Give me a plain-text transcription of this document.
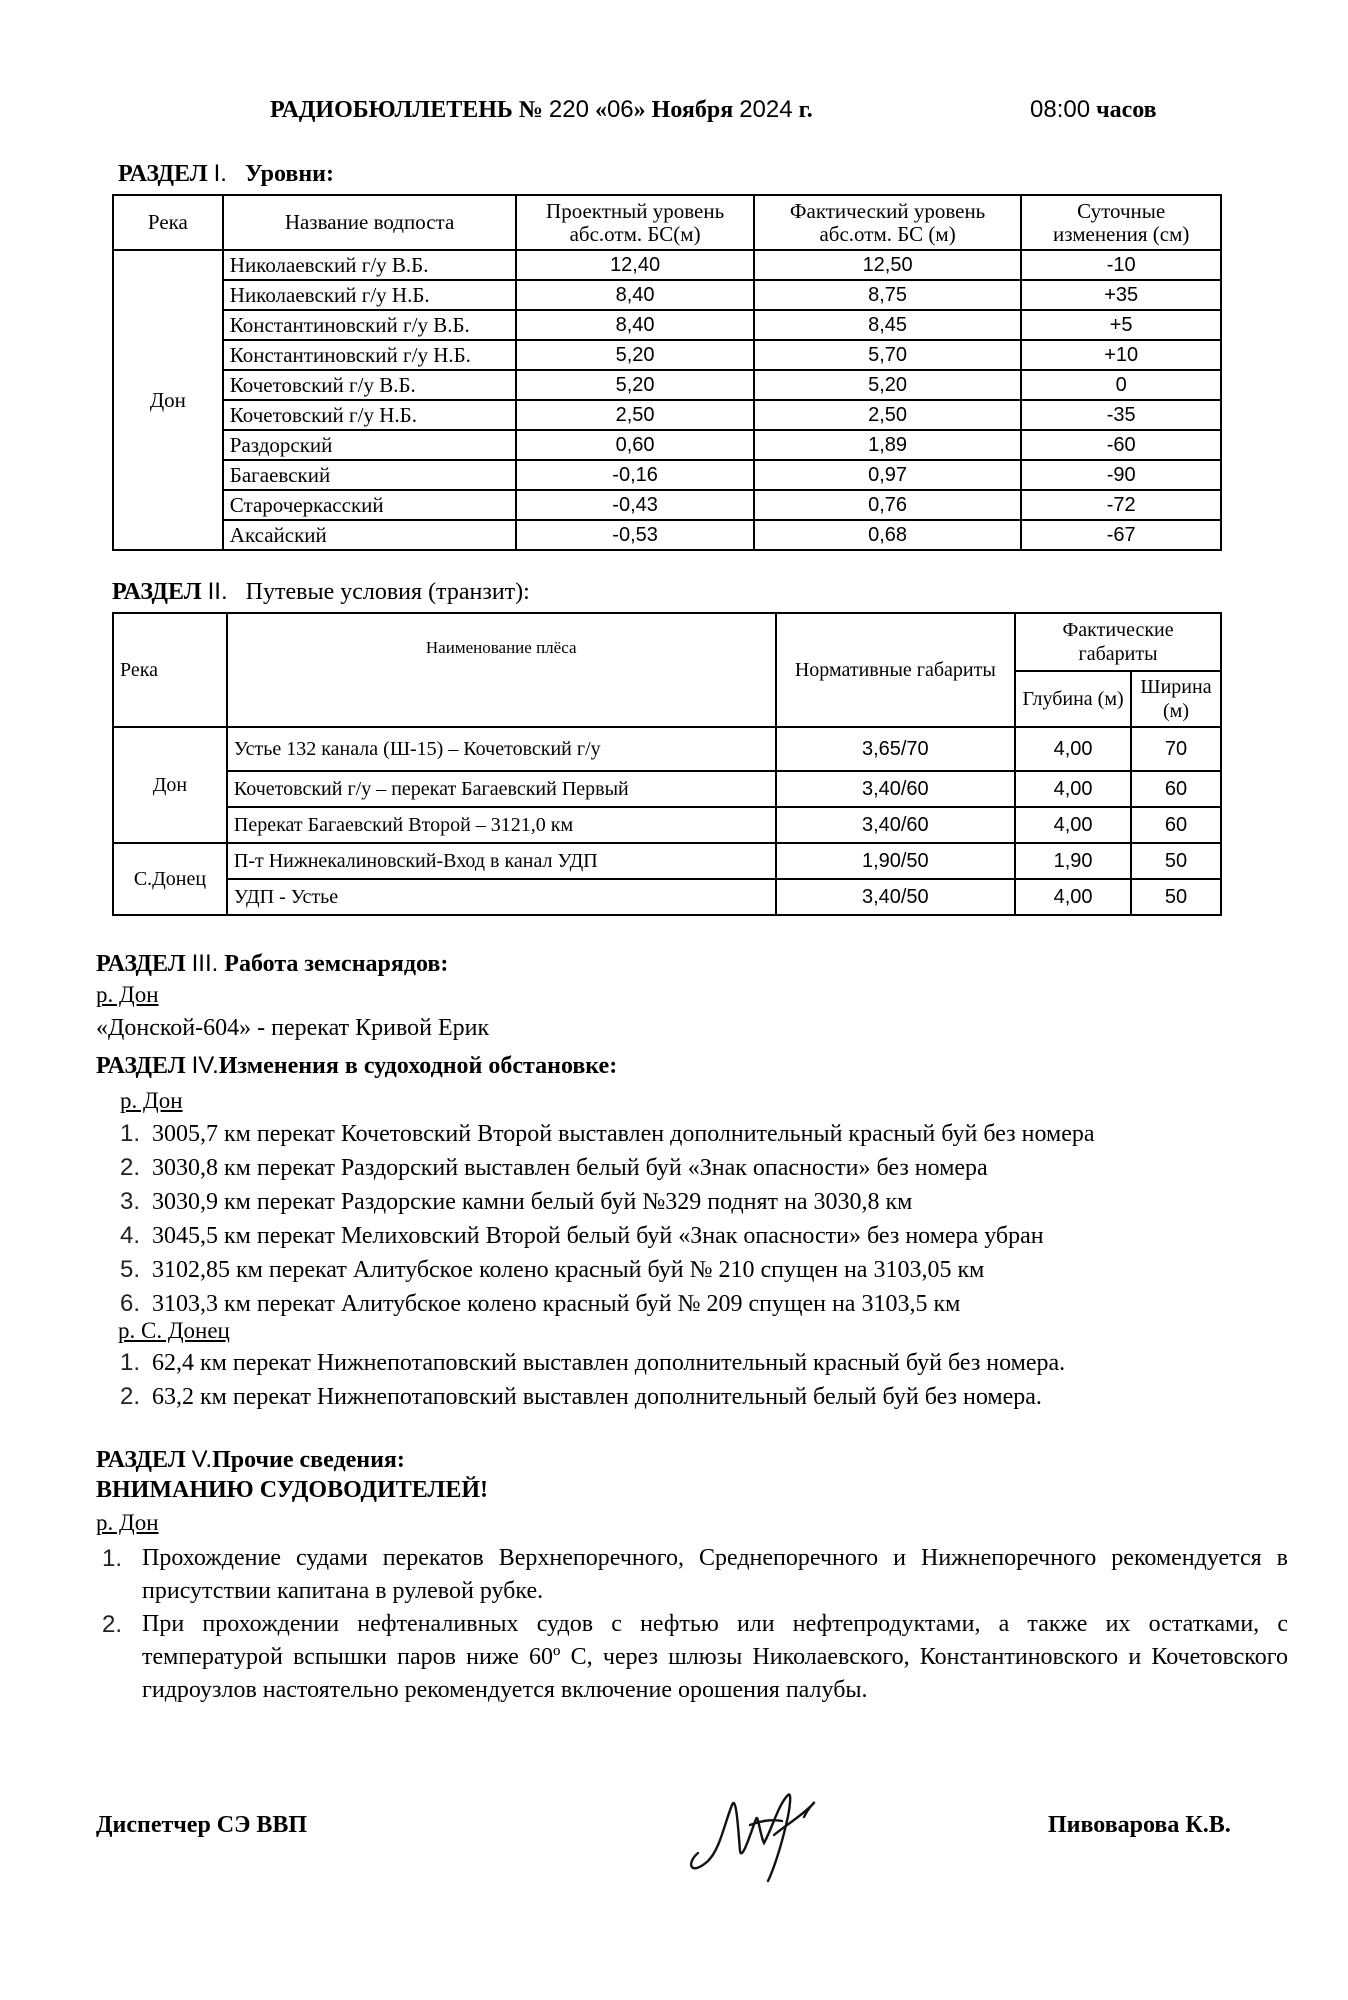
РАДИОБЮЛЛЕТЕНЬ № 220 «06» Ноября 2024 г.	08:00 часов
РАЗДЕЛ I. Уровни:
Река	Название водпоста	Проектный уровень абс.отм. БС(м)	Фактический уровень абс.отм. БС (м)	Суточные изменения (см)
Дон	Николаевский г/у В.Б.	12,40	12,50	-10
	Николаевский г/у Н.Б.	8,40	8,75	+35
	Константиновский г/у В.Б.	8,40	8,45	+5
	Константиновский г/у Н.Б.	5,20	5,70	+10
	Кочетовский г/у В.Б.	5,20	5,20	0
	Кочетовский г/у Н.Б.	2,50	2,50	-35
	Раздорский	0,60	1,89	-60
	Багаевский	-0,16	0,97	-90
	Старочеркасский	-0,43	0,76	-72
	Аксайский	-0,53	0,68	-67
РАЗДЕЛ II. Путевые условия (транзит):
Река	Наименование плёса	Нормативные габариты	Фактические габариты	
			Глубина (м)	Ширина (м)
Дон	Устье 132 канала (Ш-15) – Кочетовский г/у	3,65/70	4,00	70
	Кочетовский г/у – перекат Багаевский Первый	3,40/60	4,00	60
	Перекат Багаевский Второй – 3121,0 км	3,40/60	4,00	60
С.Донец	П-т Нижнекалиновский-Вход в канал УДП	1,90/50	1,90	50
	УДП - Устье	3,40/50	4,00	50
РАЗДЕЛ III. Работа земснарядов:
р. Дон
«Донской-604» - перекат Кривой Ерик
РАЗДЕЛ IV.Изменения в судоходной обстановке:
р. Дон
1. 3005,7 км перекат Кочетовский Второй выставлен дополнительный красный буй без номера
2. 3030,8 км перекат Раздорский выставлен белый буй «Знак опасности» без номера
3. 3030,9 км перекат Раздорские камни белый буй №329 поднят на 3030,8 км
4. 3045,5 км перекат Мелиховский Второй белый буй «Знак опасности» без номера убран
5. 3102,85 км перекат Алитубское колено красный буй № 210 спущен на 3103,05 км
6. 3103,3 км перекат Алитубское колено красный буй № 209 спущен на 3103,5 км
р. С. Донец
1. 62,4 км перекат Нижнепотаповский выставлен дополнительный красный буй без номера.
2. 63,2 км перекат Нижнепотаповский выставлен дополнительный белый буй без номера.
РАЗДЕЛ V.Прочие сведения:
ВНИМАНИЮ СУДОВОДИТЕЛЕЙ!
р. Дон
1. Прохождение судами перекатов Верхнепоречного, Среднепоречного и Нижнепоречного рекомендуется в присутствии капитана в рулевой рубке.
2. При прохождении нефтеналивных судов с нефтью или нефтепродуктами, а также их остатками, с температурой вспышки паров ниже 60º С, через шлюзы Николаевского, Константиновского и Кочетовского гидроузлов настоятельно рекомендуется включение орошения палубы.
Диспетчер СЭ ВВП	Пивоварова К.В.
